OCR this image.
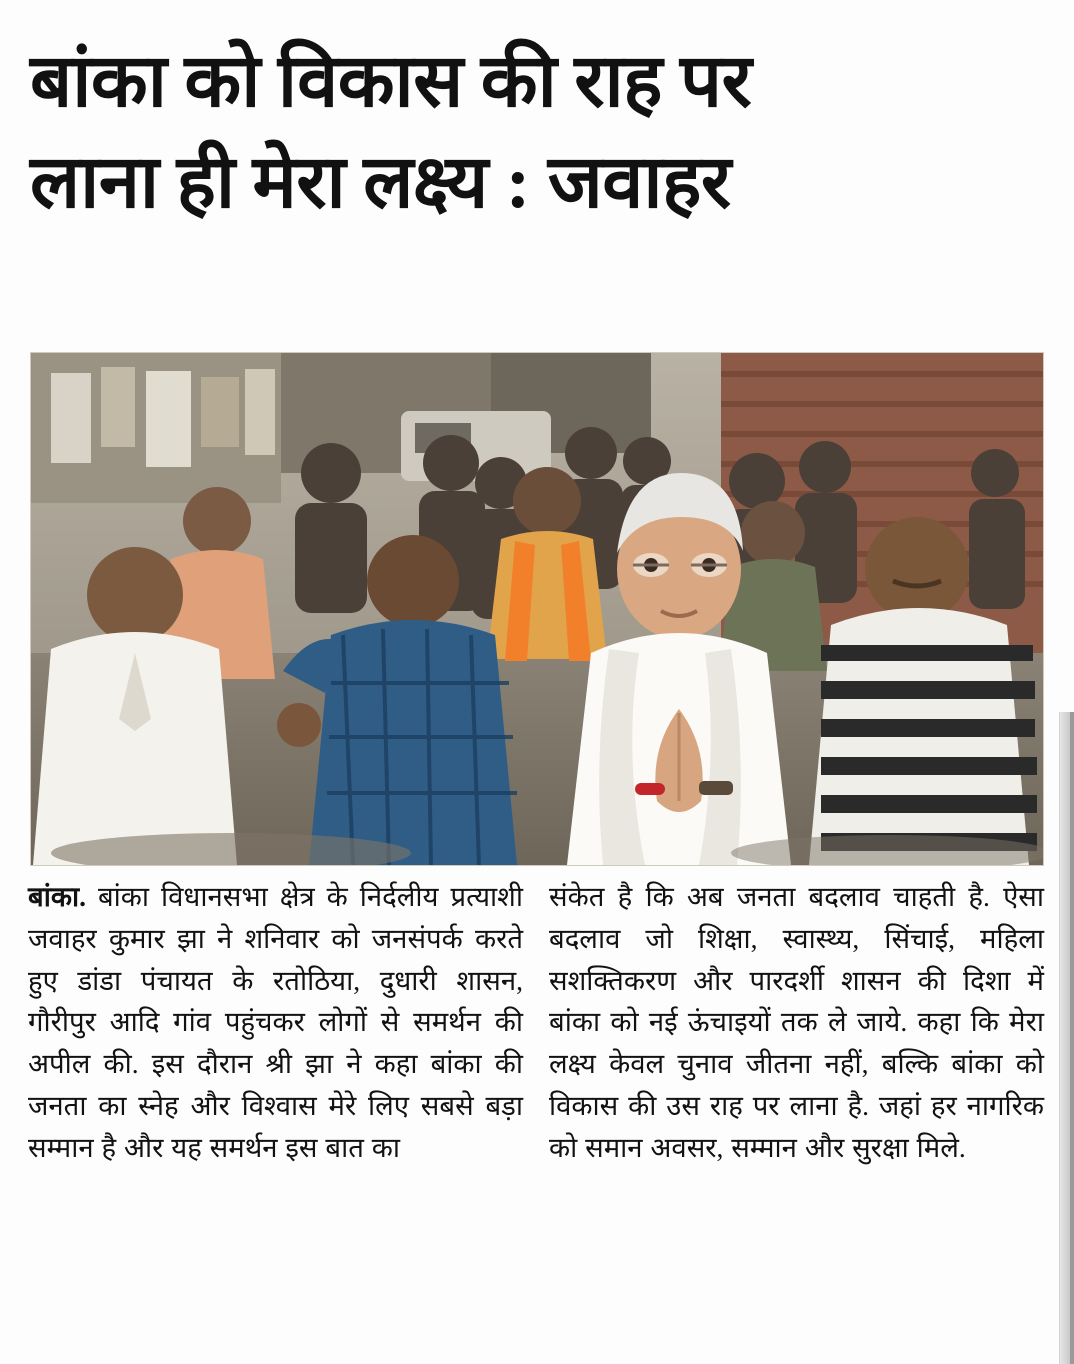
बांका को विकास की राह पर
लाना ही मेरा लक्ष्य : जवाहर
बांका. बांका विधानसभा क्षेत्र के निर्दलीय प्रत्याशी जवाहर कुमार झा ने शनिवार को जनसंपर्क करते हुए डांडा पंचायत के रतोठिया, दुधारी शासन, गौरीपुर आदि गांव पहुंचकर लोगों से समर्थन की अपील की. इस दौरान श्री झा ने कहा बांका की जनता का स्नेह और विश्वास मेरे लिए सबसे बड़ा सम्मान है और यह समर्थन इस बात का
संकेत है कि अब जनता बदलाव चाहती है. ऐसा बदलाव जो शिक्षा, स्वास्थ्य, सिंचाई, महिला सशक्तिकरण और पारदर्शी शासन की दिशा में बांका को नई ऊंचाइयों तक ले जाये. कहा कि मेरा लक्ष्य केवल चुनाव जीतना नहीं, बल्कि बांका को विकास की उस राह पर लाना है. जहां हर नागरिक को समान अवसर, सम्मान और सुरक्षा मिले.
